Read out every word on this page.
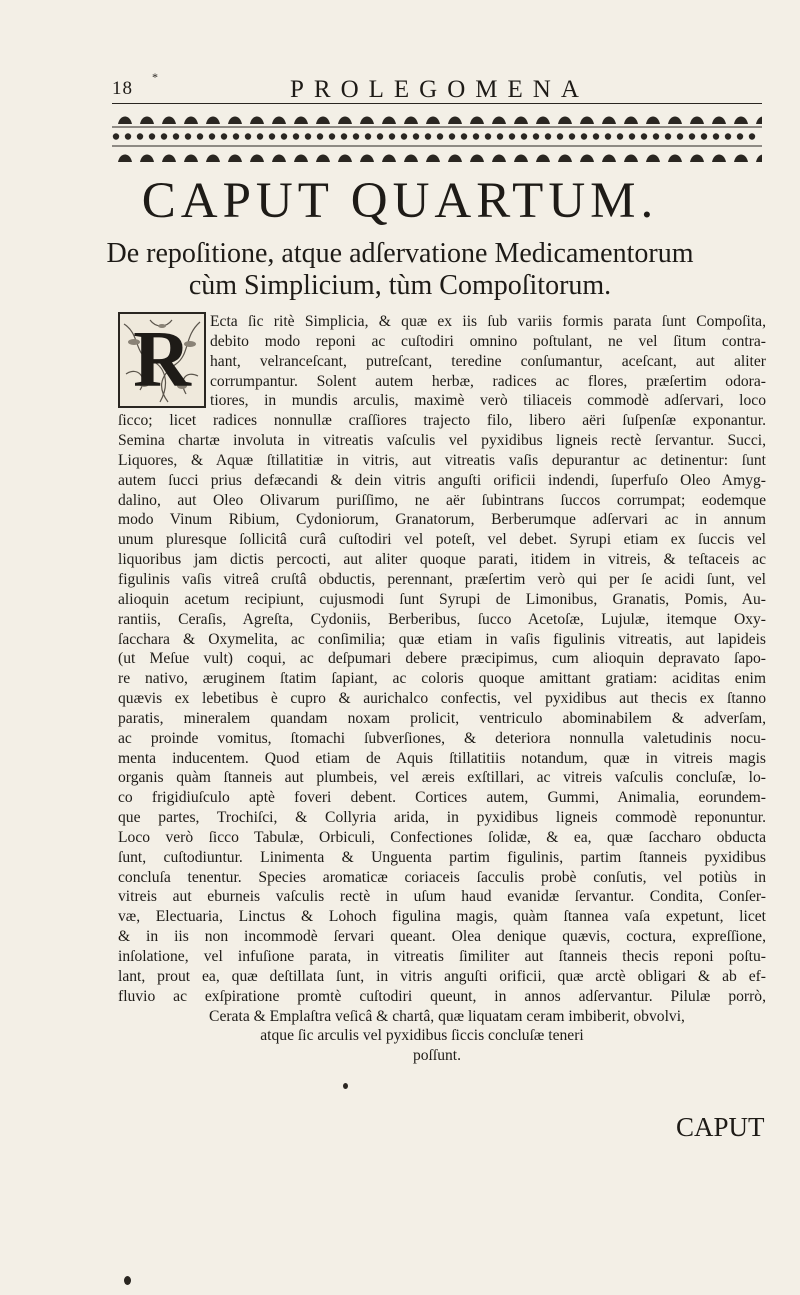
18
*	PROLEGOMENA
CAPUT QUARTUM.
De repoſitione, atque adſervatione Medicamentorum
cùm Simplicium, tùm Compoſitorum.
R	Ecta ſic ritè Simplicia, & quæ ex iis ſub variis formis parata ſunt Compoſita,
debito modo reponi ac cuſtodiri omnino poſtulant, ne vel ſitum contra-
hant, velranceſcant, putreſcant, teredine conſumantur, aceſcant, aut aliter
corrumpantur. Solent autem herbæ, radices ac flores, præſertim odora-
tiores, in mundis arculis, maximè verò tiliaceis commodè adſervari, loco
ſicco; licet radices nonnullæ craſſiores trajecto filo, libero aëri ſuſpenſæ exponantur.
Semina chartæ involuta in vitreatis vaſculis vel pyxidibus ligneis rectè ſervantur. Succi,
Liquores, & Aquæ ſtillatitiæ in vitris, aut vitreatis vaſis depurantur ac detinentur: ſunt
autem ſucci prius defæcandi & dein vitris anguſti orificii indendi, ſuperfuſo Oleo Amyg-
dalino, aut Oleo Olivarum puriſſimo, ne aër ſubintrans ſuccos corrumpat; eodemque
modo Vinum Ribium, Cydoniorum, Granatorum, Berberumque adſervari ac in annum
unum pluresque ſollicitâ curâ cuſtodiri vel poteſt, vel debet. Syrupi etiam ex ſuccis vel
liquoribus jam dictis percocti, aut aliter quoque parati, itidem in vitreis, & teſtaceis ac
figulinis vaſis vitreâ cruſtâ obductis, perennant, præſertim verò qui per ſe acidi ſunt, vel
alioquin acetum recipiunt, cujusmodi ſunt Syrupi de Limonibus, Granatis, Pomis, Au-
rantiis, Ceraſis, Agreſta, Cydoniis, Berberibus, ſucco Acetoſæ, Lujulæ, itemque Oxy-
ſacchara & Oxymelita, ac conſimilia; quæ etiam in vaſis figulinis vitreatis, aut lapideis
(ut Meſue vult) coqui, ac deſpumari debere præcipimus, cum alioquin depravato ſapo-
re nativo, æruginem ſtatim ſapiant, ac coloris quoque amittant gratiam: aciditas enim
quævis ex lebetibus è cupro & aurichalco confectis, vel pyxidibus aut thecis ex ſtanno
paratis, mineralem quandam noxam prolicit, ventriculo abominabilem & adverſam,
ac proinde vomitus, ſtomachi ſubverſiones, & deteriora nonnulla valetudinis nocu-
menta inducentem. Quod etiam de Aquis ſtillatitiis notandum, quæ in vitreis magis
organis quàm ſtanneis aut plumbeis, vel æreis exſtillari, ac vitreis vaſculis concluſæ, lo-
co frigidiuſculo aptè foveri debent. Cortices autem, Gummi, Animalia, eorundem-
que partes, Trochiſci, & Collyria arida, in pyxidibus ligneis commodè reponuntur.
Loco verò ſicco Tabulæ, Orbiculi, Confectiones ſolidæ, & ea, quæ ſaccharo obducta
ſunt, cuſtodiuntur. Linimenta & Unguenta partim figulinis, partim ſtanneis pyxidibus
concluſa tenentur. Species aromaticæ coriaceis ſacculis probè conſutis, vel potiùs in
vitreis aut eburneis vaſculis rectè in uſum haud evanidæ ſervantur. Condita, Conſer-
væ, Electuaria, Linctus & Lohoch figulina magis, quàm ſtannea vaſa expetunt, licet
& in iis non incommodè ſervari queant. Olea denique quævis, coctura, expreſſione,
inſolatione, vel infuſione parata, in vitreatis ſimiliter aut ſtanneis thecis reponi poſtu-
lant, prout ea, quæ deſtillata ſunt, in vitris anguſti orificii, quæ arctè obligari & ab ef-
fluvio ac exſpiratione promtè cuſtodiri queunt, in annos adſervantur. Pilulæ porrò,
Cerata & Emplaſtra veſicâ & chartâ, quæ liquatam ceram imbiberit, obvolvi,
atque ſic arculis vel pyxidibus ſiccis concluſæ teneri
poſſunt.
CAPUT
